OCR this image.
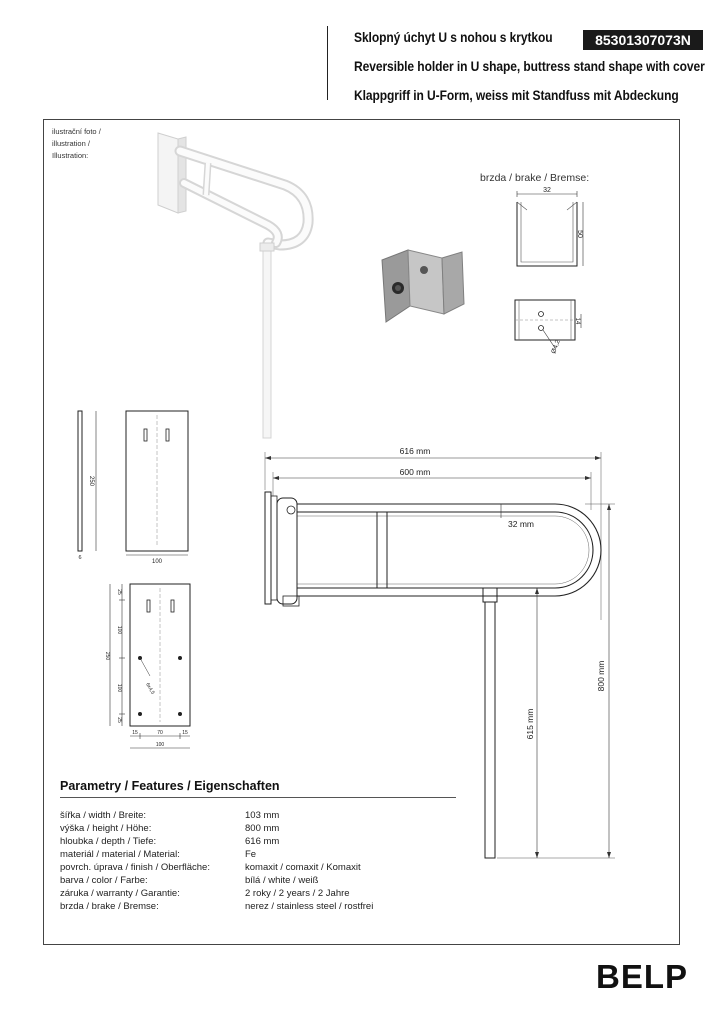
Sklopný úchyt U s nohou s krytkou
Reversible holder in U shape, buttress stand shape with cover
Klappgriff in U-Form, weiss mit Standfuss mit Abdeckung
85301307073N
ilustrační foto /
illustration /
Illustration:
brzda / brake / Bremse:
32
50
14
Ø4,2
250
6
100
6x4,5
25
100
250
100
25
15	70	15
100
616 mm
600 mm
32 mm
800 mm
615 mm
Parametry / Features / Eigenschaften
šířka / width / Breite:	103 mm
výška / height / Höhe:	800 mm
hloubka / depth / Tiefe:	616 mm
materiál / material / Material:	Fe
povrch. úprava / finish / Oberfläche:	komaxit / comaxit / Komaxit
barva / color / Farbe:	bílá / white / weiß
záruka / warranty / Garantie:	2 roky / 2 years / 2 Jahre
brzda / brake / Bremse:	nerez / stainless steel / rostfrei
BELP
